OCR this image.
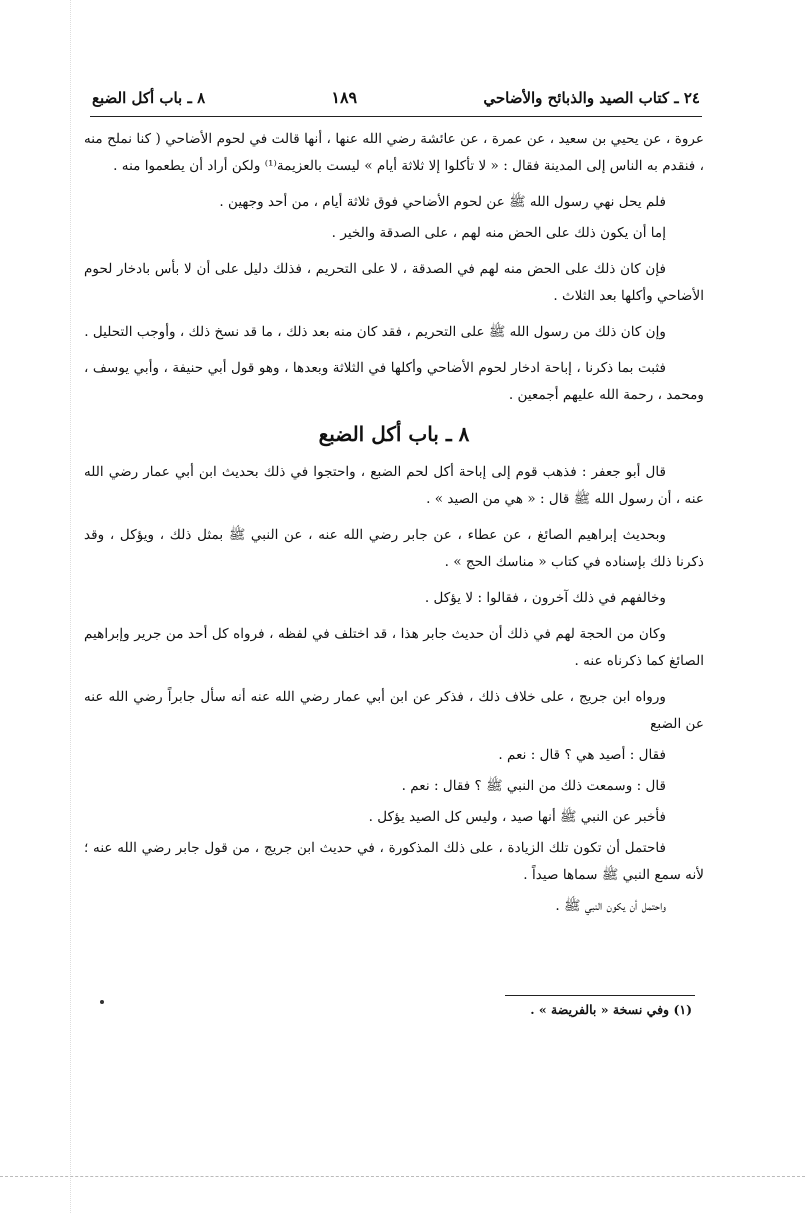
٢٤ ـ كتاب الصيد والذبائح والأضاحي
١٨٩
٨ ـ باب أكل الضبع

عروة ، عن يحيي بن سعيد ، عن عمرة ، عن عائشة رضي الله عنها ، أنها قالت في لحوم الأضاحي ( كنا نملح منه ، فنقدم به الناس إلى المدينة فقال : « لا تأكلوا إلا ثلاثة أيام » ليست بالعزيمة⁽¹⁾ ولكن أراد أن يطعموا منه .

فلم يحل نهي رسول الله ﷺ عن لحوم الأضاحي فوق ثلاثة أيام ، من أحد وجهين .

إما أن يكون ذلك على الحض منه لهم ، على الصدقة والخير .

فإن كان ذلك على الحض منه لهم في الصدقة ، لا على التحريم ، فذلك دليل على أن لا بأس بادخار لحوم الأضاحي وأكلها بعد الثلاث .

وإن كان ذلك من رسول الله ﷺ على التحريم ، فقد كان منه بعد ذلك ، ما قد نسخ ذلك ، وأوجب التحليل .

فثبت بما ذكرنا ، إباحة ادخار لحوم الأضاحي وأكلها في الثلاثة وبعدها ، وهو قول أبي حنيفة ، وأبي يوسف ، ومحمد ، رحمة الله عليهم أجمعين .

٨ ـ باب أكل الضبع

قال أبو جعفر : فذهب قوم إلى إباحة أكل لحم الضبع ، واحتجوا في ذلك بحديث ابن أبي عمار رضي الله عنه ، أن رسول الله ﷺ قال : « هي من الصيد » .

وبحديث إبراهيم الصائغ ، عن عطاء ، عن جابر رضي الله عنه ، عن النبي ﷺ بمثل ذلك ، ويؤكل ، وقد ذكرنا ذلك بإسناده في كتاب « مناسك الحج » .

وخالفهم في ذلك آخرون ، فقالوا : لا يؤكل .

وكان من الحجة لهم في ذلك أن حديث جابر هذا ، قد اختلف في لفظه ، فرواه كل أحد من جرير وإبراهيم الصائغ كما ذكرناه عنه .

ورواه ابن جريج ، على خلاف ذلك ، فذكر عن ابن أبي عمار رضي الله عنه أنه سأل جابراً رضي الله عنه عن الضبع

فقال : أصيد هي ؟ قال : نعم .

قال : وسمعت ذلك من النبي ﷺ ؟ فقال : نعم .

فأخبر عن النبي ﷺ أنها صيد ، وليس كل الصيد يؤكل .

فاحتمل أن تكون تلك الزيادة ، على ذلك المذكورة ، في حديث ابن جريج ، من قول جابر رضي الله عنه ؛ لأنه سمع النبي ﷺ سماها صيداً .

واحتمل أن يكون النبي ﷺ .

(١) وفي نسخة « بالفريضة » .
